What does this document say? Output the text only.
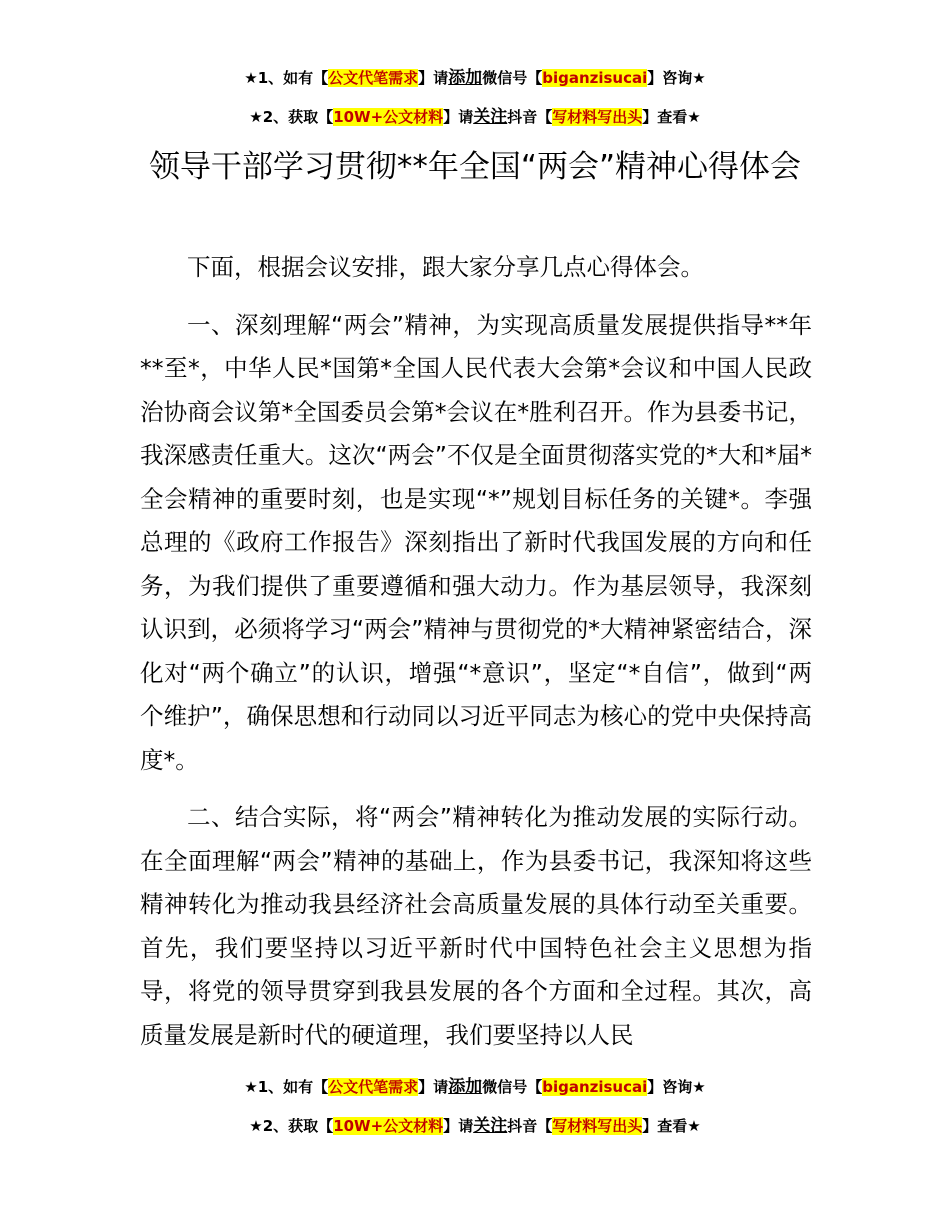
★1、如有【公文代笔需求】请添加微信号【biganzisucai】咨询★
★2、获取【10W+公文材料】请关注抖音【写材料写出头】查看★
领导干部学习贯彻**年全国“两会”精神心得体会

下面，根据会议安排，跟大家分享几点心得体会。

一、深刻理解“两会”精神，为实现高质量发展提供指导**年**至*，中华人民*国第*全国人民代表大会第*会议和中国人民政治协商会议第*全国委员会第*会议在*胜利召开。作为县委书记，我深感责任重大。这次“两会”不仅是全面贯彻落实党的*大和*届*全会精神的重要时刻，也是实现“*”规划目标任务的关键*。李强总理的《政府工作报告》深刻指出了新时代我国发展的方向和任务，为我们提供了重要遵循和强大动力。作为基层领导，我深刻认识到，必须将学习“两会”精神与贯彻党的*大精神紧密结合，深化对“两个确立”的认识，增强“*意识”，坚定“*自信”，做到“两个维护”，确保思想和行动同以习近平同志为核心的党中央保持高度*。

二、结合实际，将“两会”精神转化为推动发展的实际行动。在全面理解“两会”精神的基础上，作为县委书记，我深知将这些精神转化为推动我县经济社会高质量发展的具体行动至关重要。首先，我们要坚持以习近平新时代中国特色社会主义思想为指导，将党的领导贯穿到我县发展的各个方面和全过程。其次，高质量发展是新时代的硬道理，我们要坚持以人民

★1、如有【公文代笔需求】请添加微信号【biganzisucai】咨询★
★2、获取【10W+公文材料】请关注抖音【写材料写出头】查看★
